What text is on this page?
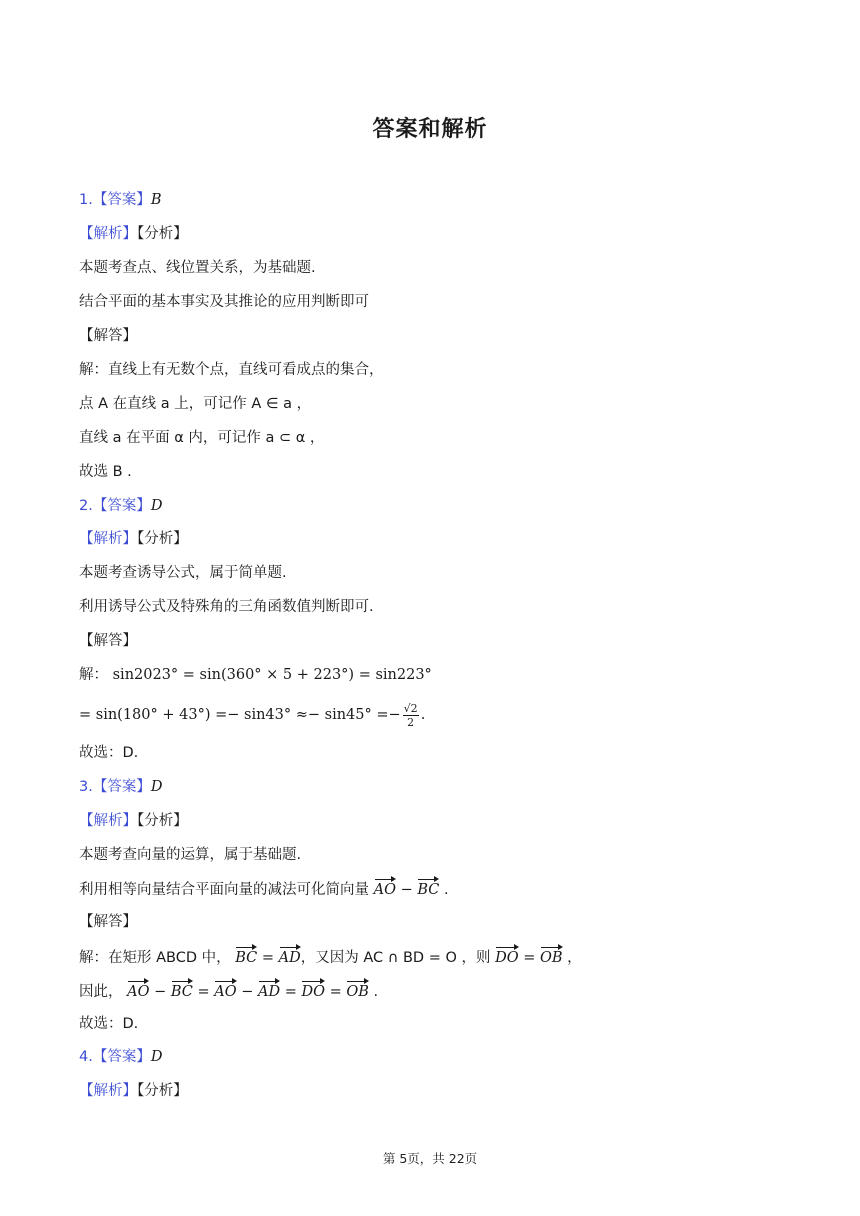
答案和解析
1.【答案】B
【解析】【分析】
本题考查点、线位置关系，为基础题.
结合平面的基本事实及其推论的应用判断即可
【解答】
解：直线上有无数个点，直线可看成点的集合，
点 A 在直线 a 上，可记作 A ∈ a ，
直线 a 在平面 α 内，可记作 a ⊂ α ，
故选 B .
2.【答案】D
【解析】【分析】
本题考查诱导公式，属于简单题.
利用诱导公式及特殊角的三角函数值判断即可.
【解答】
解： sin2023° = sin(360° × 5 + 223°) = sin223°
= $\sin(180^\circ + 43^\circ) =- \sin 43^\circ \approx- \sin 45^\circ =- \frac{√2}{2}$ .
故选：D.
3.【答案】D
【解析】【分析】
本题考查向量的运算，属于基础题.
利用相等向量结合平面向量的减法可化简向量 AO − BC .
【解答】
解：在矩形 ABCD 中， BC = AD，又因为 AC ∩ BD = O ，则 DO = OB ，
因此， AO − BC = AO − AD = DO = OB .
故选：D.
4.【答案】D
【解析】【分析】
第 5页，共 22页
